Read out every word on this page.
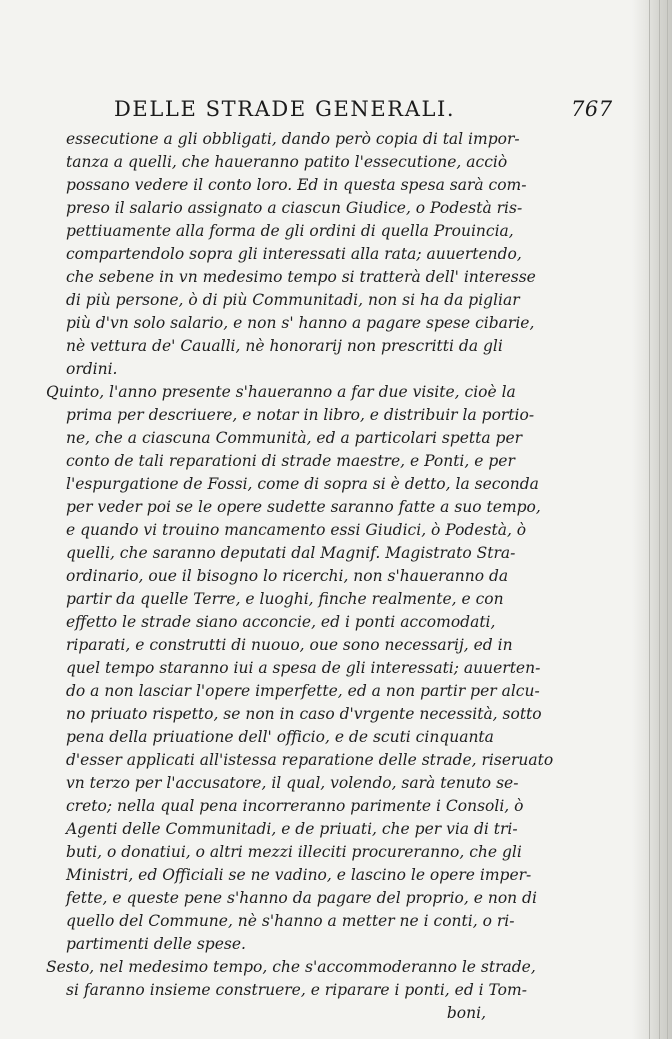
DELLE STRADE GENERALI.	767
essecutione a gli obbligati, dando però copia di tal impor-
tanza a quelli, che haueranno patito l'essecutione, acciò
possano vedere il conto loro. Ed in questa spesa sarà com-
preso il salario assignato a ciascun Giudice, o Podestà ris-
pettiuamente alla forma de gli ordini di quella Prouincia,
compartendolo sopra gli interessati alla rata; auuertendo,
che sebene in vn medesimo tempo si tratterà dell' interesse
di più persone, ò di più Communitadi, non si ha da pigliar
più d'vn solo salario, e non s' hanno a pagare spese cibarie,
nè vettura de' Caualli, nè honorarij non prescritti da gli
ordini.
Quinto, l'anno presente s'haueranno a far due visite, cioè la
prima per descriuere, e notar in libro, e distribuir la portio-
ne, che a ciascuna Communità, ed a particolari spetta per
conto de tali reparationi di strade maestre, e Ponti, e per
l'espurgatione de Fossi, come di sopra si è detto, la seconda
per veder poi se le opere sudette saranno fatte a suo tempo,
e quando vi trouino mancamento essi Giudici, ò Podestà, ò
quelli, che saranno deputati dal Magnif. Magistrato Stra-
ordinario, oue il bisogno lo ricerchi, non s'haueranno da
partir da quelle Terre, e luoghi, finche realmente, e con
effetto le strade siano acconcie, ed i ponti accomodati,
riparati, e construtti di nuouo, oue sono necessarij, ed in
quel tempo staranno iui a spesa de gli interessati; auuerten-
do a non lasciar l'opere imperfette, ed a non partir per alcu-
no priuato rispetto, se non in caso d'vrgente necessità, sotto
pena della priuatione dell' officio, e de scuti cinquanta
d'esser applicati all'istessa reparatione delle strade, riseruato
vn terzo per l'accusatore, il qual, volendo, sarà tenuto se-
creto; nella qual pena incorreranno parimente i Consoli, ò
Agenti delle Communitadi, e de priuati, che per via di tri-
buti, o donatiui, o altri mezzi illeciti procureranno, che gli
Ministri, ed Officiali se ne vadino, e lascino le opere imper-
fette, e queste pene s'hanno da pagare del proprio, e non di
quello del Commune, nè s'hanno a metter ne i conti, o ri-
partimenti delle spese.
Sesto, nel medesimo tempo, che s'accommoderanno le strade,
si faranno insieme construere, e riparare i ponti, ed i Tom-
boni,
